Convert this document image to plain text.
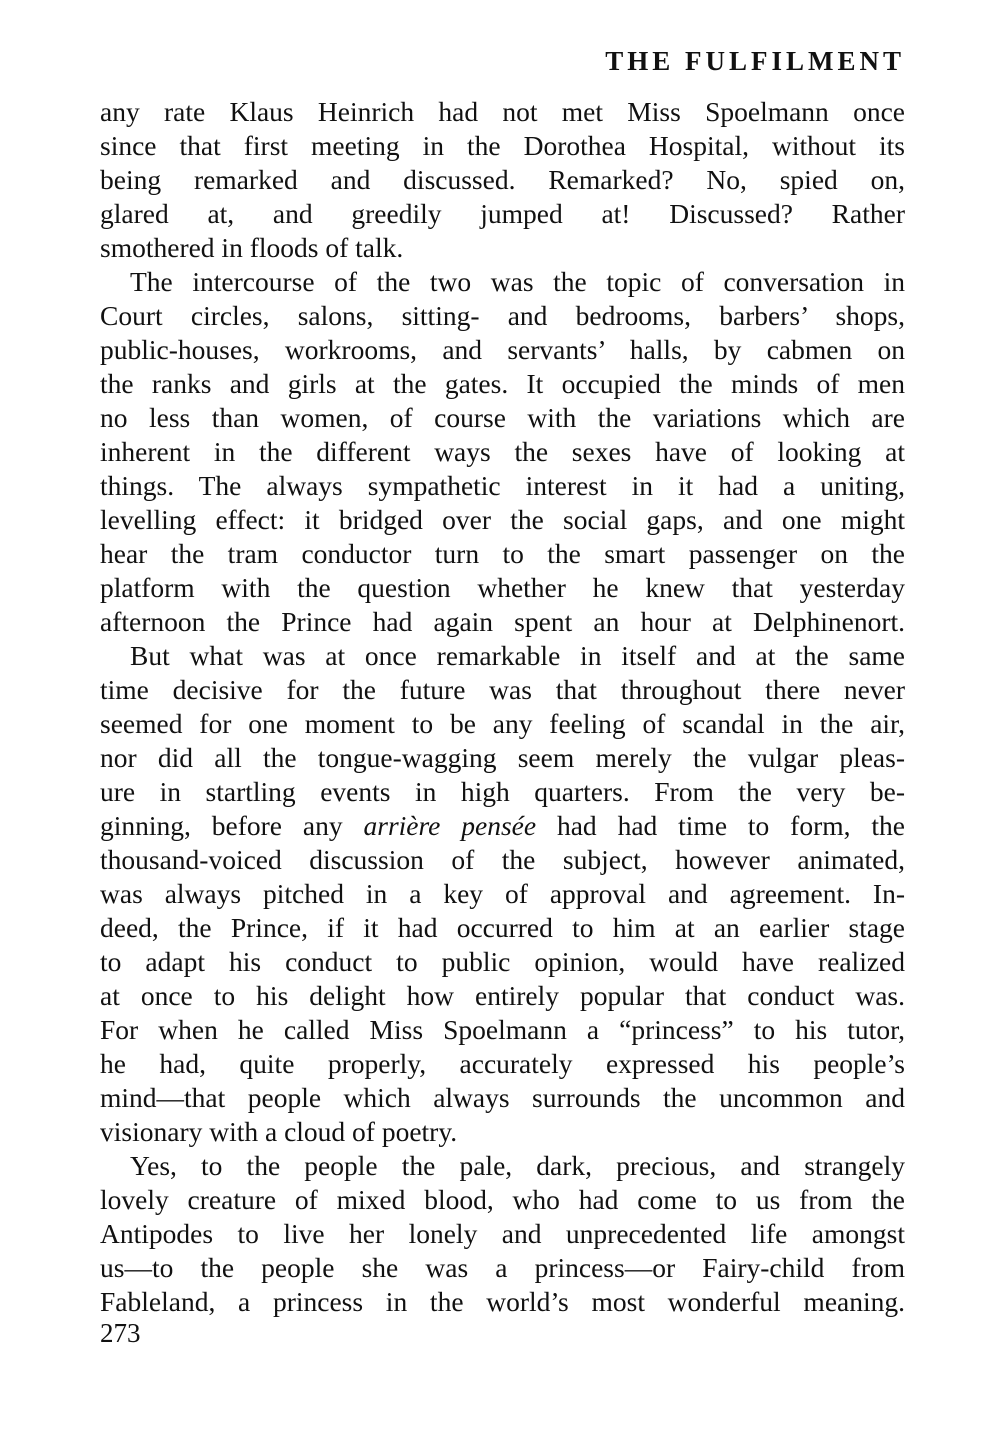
THE FULFILMENT
any rate Klaus Heinrich had not met Miss Spoelmann once
since that first meeting in the Dorothea Hospital, without its
being remarked and discussed. Remarked? No, spied on,
glared at, and greedily jumped at! Discussed? Rather
smothered in floods of talk.
The intercourse of the two was the topic of conversation in
Court circles, salons, sitting- and bedrooms, barbers’ shops,
public-houses, workrooms, and servants’ halls, by cabmen on
the ranks and girls at the gates. It occupied the minds of men
no less than women, of course with the variations which are
inherent in the different ways the sexes have of looking at
things. The always sympathetic interest in it had a uniting,
levelling effect: it bridged over the social gaps, and one might
hear the tram conductor turn to the smart passenger on the
platform with the question whether he knew that yesterday
afternoon the Prince had again spent an hour at Delphinenort.
But what was at once remarkable in itself and at the same
time decisive for the future was that throughout there never
seemed for one moment to be any feeling of scandal in the air,
nor did all the tongue-wagging seem merely the vulgar pleas-
ure in startling events in high quarters. From the very be-
ginning, before any arrière pensée had had time to form, the
thousand-voiced discussion of the subject, however animated,
was always pitched in a key of approval and agreement. In-
deed, the Prince, if it had occurred to him at an earlier stage
to adapt his conduct to public opinion, would have realized
at once to his delight how entirely popular that conduct was.
For when he called Miss Spoelmann a “princess” to his tutor,
he had, quite properly, accurately expressed his people’s
mind—that people which always surrounds the uncommon and
visionary with a cloud of poetry.
Yes, to the people the pale, dark, precious, and strangely
lovely creature of mixed blood, who had come to us from the
Antipodes to live her lonely and unprecedented life amongst
us—to the people she was a princess—or Fairy-child from
Fableland, a princess in the world’s most wonderful meaning.
273
